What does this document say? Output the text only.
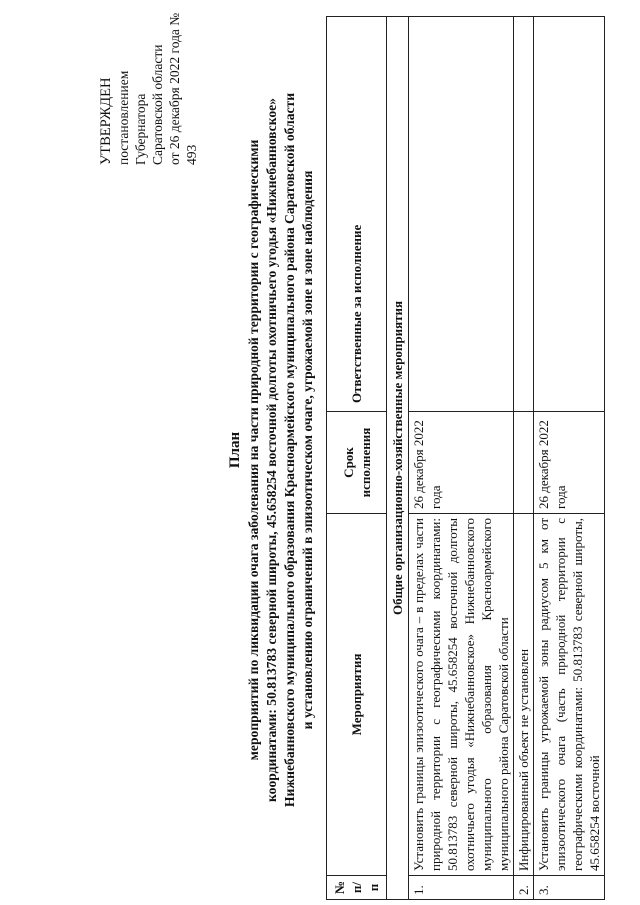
УТВЕРЖДЕН постановлением Губернатора Саратовской области от 26 декабря 2022 года № 493
План мероприятий по ликвидации очага заболевания на части природной территории с географическими координатами: 50.813783 северной широты, 45.658254 восточной долготы охотничьего угодья «Нижнебанновское» Нижнебанновского муниципального образования Красноармейского муниципального района Саратовской области и установлению ограничений в эпизоотическом очаге, угрожаемой зоне и зоне наблюдения
№ п/п	Мероприятия	Срок исполнения	Ответственные за исполнение
Общие организационно-хозяйственные мероприятия			
1.	Установить границы эпизоотического очага – в пределах части природной территории с географическими координатами: 50.813783 северной широты, 45.658254 восточной долготы охотничьего угодья «Нижнебанновское» Нижнебанновского муниципального образования Красноармейского муниципального района Саратовской области	26 декабря 2022 года	
2.	Инфицированный объект не установлен		
3.	Установить границы угрожаемой зоны радиусом 5 км от эпизоотического очага (часть природной территории с географическими координатами: 50.813783 северной широты, 45.658254 восточной	26 декабря 2022 года	
